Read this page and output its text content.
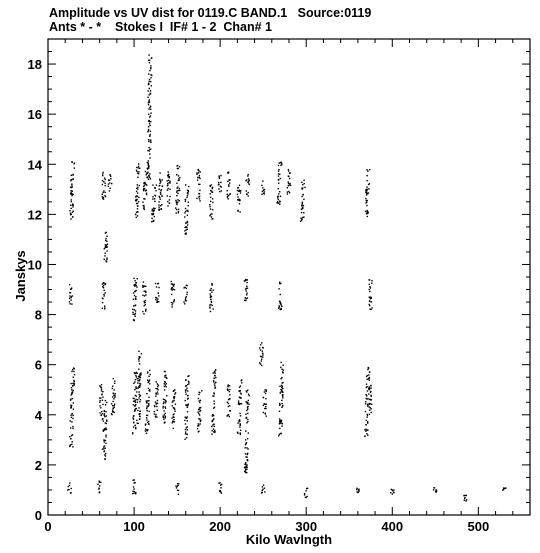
Amplitude vs UV dist for 0119.C BAND.1   Source:0119
Ants * - *    Stokes I  IF# 1 - 2  Chan# 1
0	100	200	300	400	500
0
2
4
6
8
10
12
14
16
18
Kilo Wavlngth
Janskys
